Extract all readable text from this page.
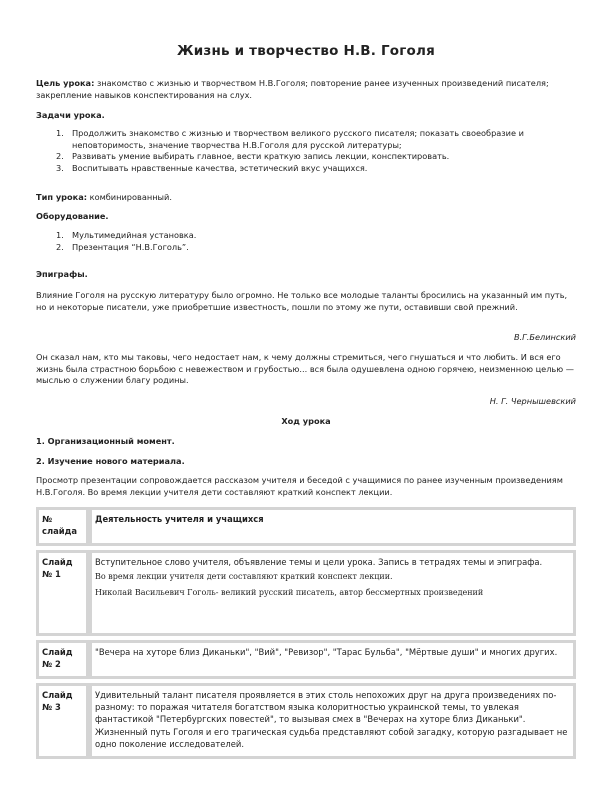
Жизнь и творчество Н.В. Гоголя

Цель урока: знакомство с жизнью и творчеством Н.В.Гоголя; повторение ранее изученных произведений писателя; закрепление навыков конспектирования на слух.

Задачи урока.

1. Продолжить знакомство с жизнью и творчеством великого русского писателя; показать своеобразие и неповторимость, значение творчества Н.В.Гоголя для русской литературы;
2. Развивать умение выбирать главное, вести краткую запись лекции, конспектировать.
3. Воспитывать нравственные качества, эстетический вкус учащихся.

Тип урока: комбинированный.

Оборудование.

1. Мультимедийная установка.
2. Презентация “Н.В.Гоголь”.

Эпиграфы.

Влияние Гоголя на русскую литературу было огромно. Не только все молодые таланты бросились на указанный им путь, но и некоторые писатели, уже приобретшие известность, пошли по этому же пути, оставивши свой прежний.

В.Г.Белинский

Он сказал нам, кто мы таковы, чего недостает нам, к чему должны стремиться, чего гнушаться и что любить. И вся его жизнь была страстною борьбою с невежеством и грубостью... вся была одушевлена одною горячею, неизменною целью — мыслью о служении благу родины.

Н. Г. Чернышевский

Ход урока

1. Организационный момент.

2. Изучение нового материала.

Просмотр презентации сопровождается рассказом учителя и беседой с учащимися по ранее изученным произведениям Н.В.Гоголя. Во время лекции учителя дети составляют краткий конспект лекции.

№ слайда	Деятельность учителя и учащихся

Слайд № 1	Вступительное слово учителя, объявление темы и цели урока. Запись в тетрадях темы и эпиграфа.
Во время лекции учителя дети составляют краткий конспект лекции.
Николай Васильевич Гоголь- великий русский писатель, автор бессмертных произведений

Слайд № 2	"Вечера на хуторе близ Диканьки", "Вий", "Ревизор", "Тарас Бульба", "Мёртвые души" и многих других.

Слайд № 3	Удивительный талант писателя проявляется в этих столь непохожих друг на друга произведениях по-разному: то поражая читателя богатством языка колоритностью украинской темы, то увлекая фантастикой "Петербургских повестей", то вызывая смех в "Вечерах на хуторе близ Диканьки". Жизненный путь Гоголя и его трагическая судьба представляют собой загадку, которую разгадывает не одно поколение исследователей.
